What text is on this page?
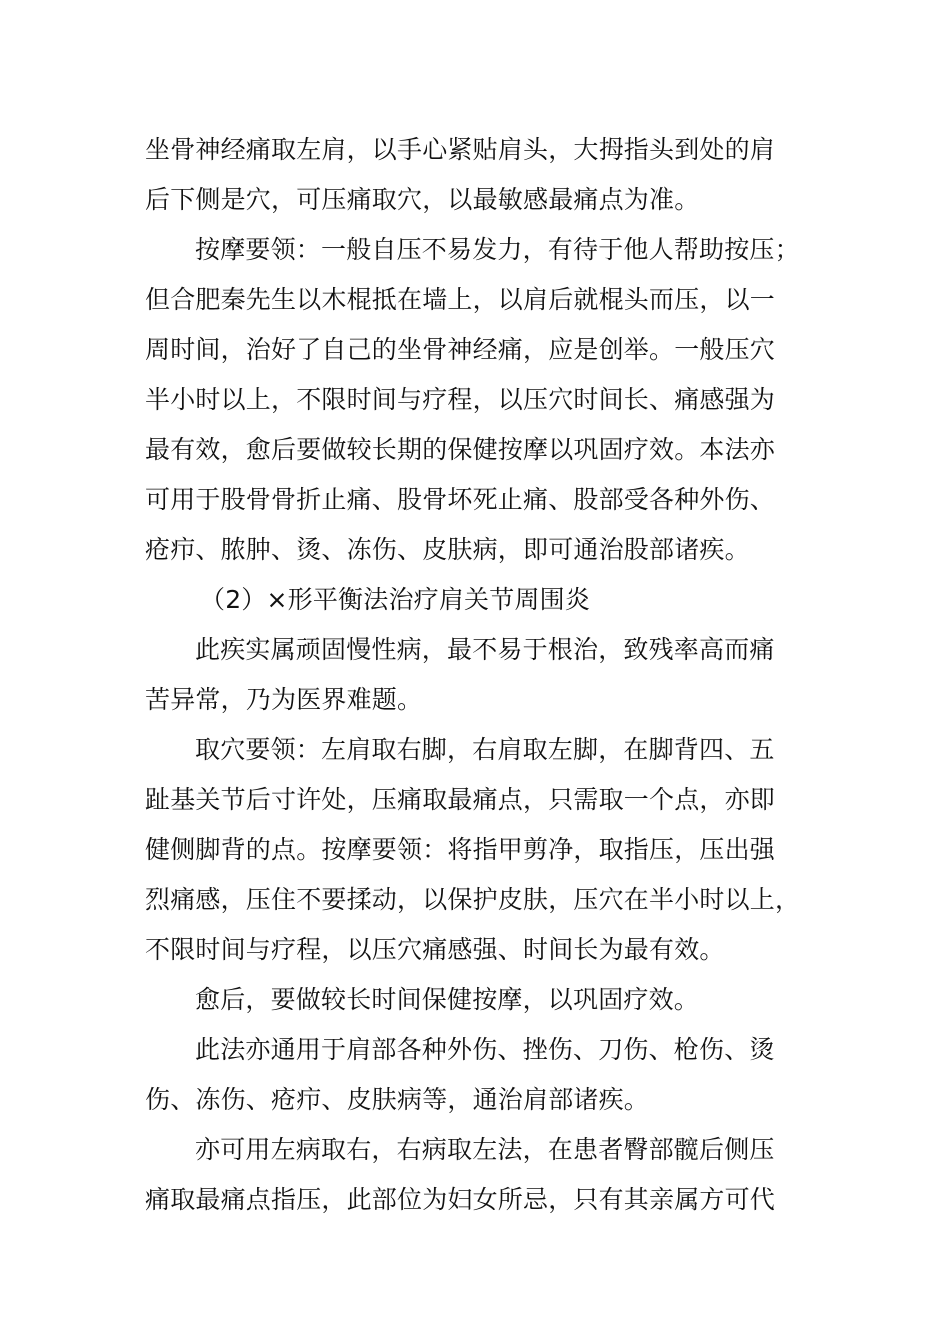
坐骨神经痛取左肩，以手心紧贴肩头，大拇指头到处的肩
后下侧是穴，可压痛取穴，以最敏感最痛点为准。
按摩要领：一般自压不易发力，有待于他人帮助按压；
但合肥秦先生以木棍抵在墙上，以肩后就棍头而压，以一
周时间，治好了自己的坐骨神经痛，应是创举。一般压穴
半小时以上，不限时间与疗程，以压穴时间长、痛感强为
最有效，愈后要做较长期的保健按摩以巩固疗效。本法亦
可用于股骨骨折止痛、股骨坏死止痛、股部受各种外伤、
疮疖、脓肿、烫、冻伤、皮肤病，即可通治股部诸疾。
（2）×形平衡法治疗肩关节周围炎
此疾实属顽固慢性病，最不易于根治，致残率高而痛
苦异常，乃为医界难题。
取穴要领：左肩取右脚，右肩取左脚，在脚背四、五
趾基关节后寸许处，压痛取最痛点，只需取一个点，亦即
健侧脚背的点。按摩要领：将指甲剪净，取指压，压出强
烈痛感，压住不要揉动，以保护皮肤，压穴在半小时以上，
不限时间与疗程，以压穴痛感强、时间长为最有效。
愈后，要做较长时间保健按摩，以巩固疗效。
此法亦通用于肩部各种外伤、挫伤、刀伤、枪伤、烫
伤、冻伤、疮疖、皮肤病等，通治肩部诸疾。
亦可用左病取右，右病取左法，在患者臀部髋后侧压
痛取最痛点指压，此部位为妇女所忌，只有其亲属方可代
